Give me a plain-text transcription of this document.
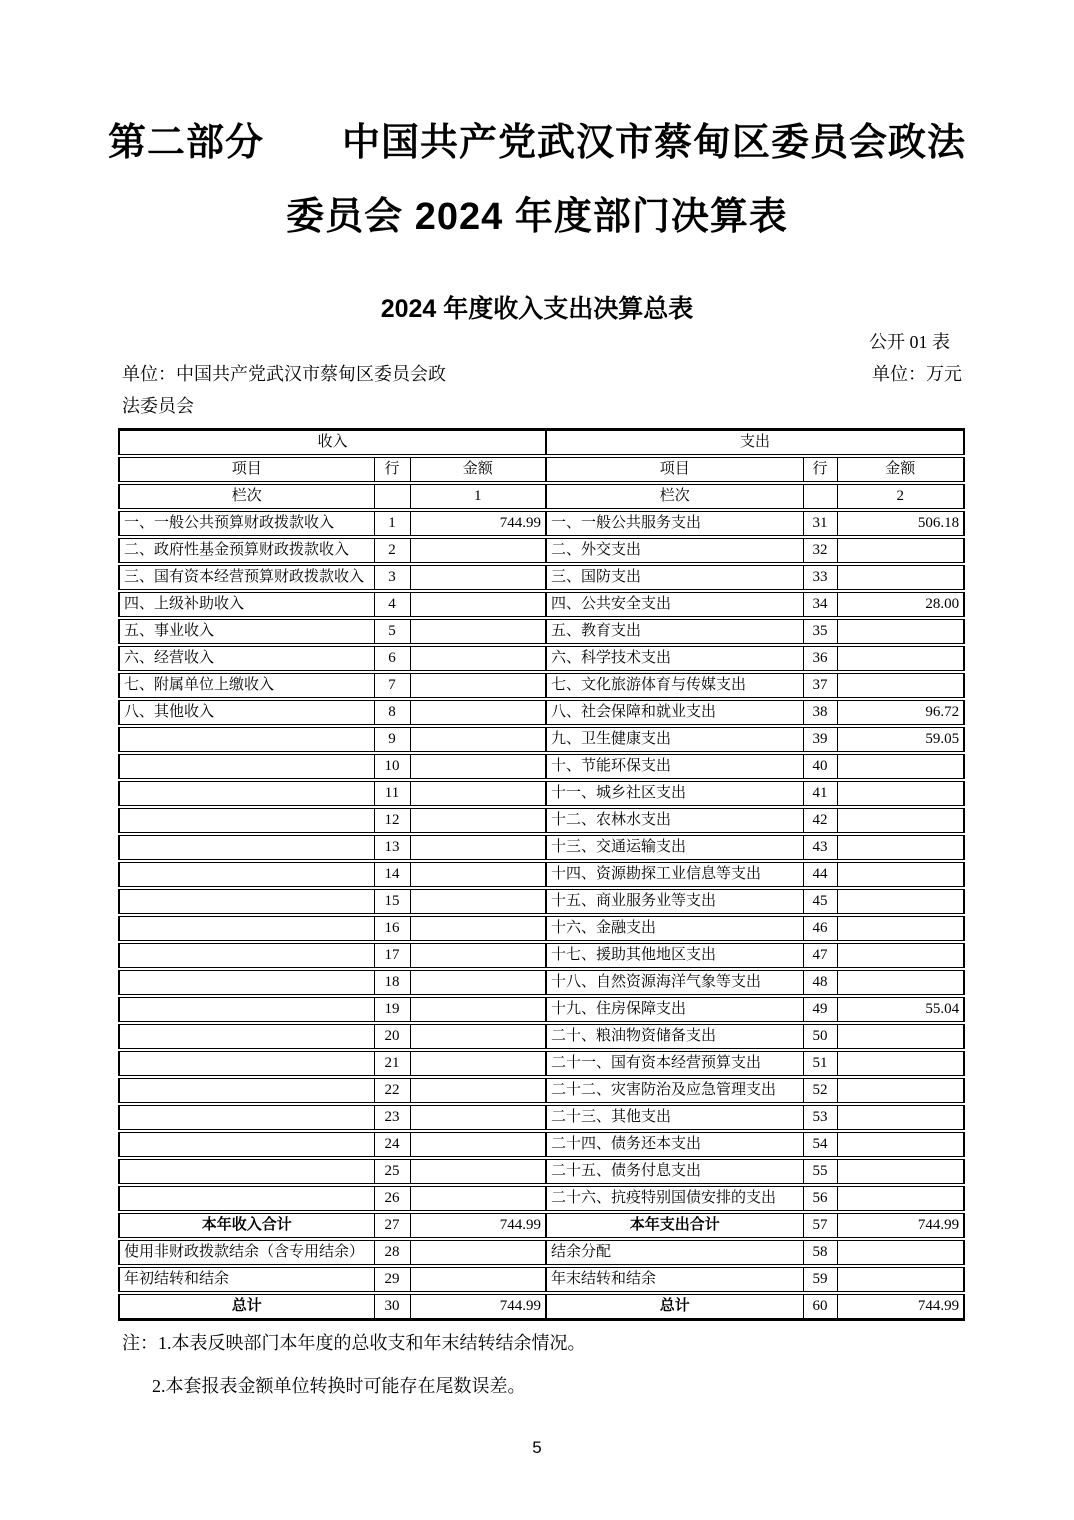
第二部分　　中国共产党武汉市蔡甸区委员会政法
委员会 2024 年度部门决算表
2024 年度收入支出决算总表
公开 01 表
单位：中国共产党武汉市蔡甸区委员会政
法委员会
单位：万元
收入			支出		
项目	行	金额	项目	行	金额
栏次		1	栏次		2
一、一般公共预算财政拨款收入	1	744.99	一、一般公共服务支出	31	506.18
二、政府性基金预算财政拨款收入	2		二、外交支出	32	
三、国有资本经营预算财政拨款收入	3		三、国防支出	33	
四、上级补助收入	4		四、公共安全支出	34	28.00
五、事业收入	5		五、教育支出	35	
六、经营收入	6		六、科学技术支出	36	
七、附属单位上缴收入	7		七、文化旅游体育与传媒支出	37	
八、其他收入	8		八、社会保障和就业支出	38	96.72
	9		九、卫生健康支出	39	59.05
	10		十、节能环保支出	40	
	11		十一、城乡社区支出	41	
	12		十二、农林水支出	42	
	13		十三、交通运输支出	43	
	14		十四、资源勘探工业信息等支出	44	
	15		十五、商业服务业等支出	45	
	16		十六、金融支出	46	
	17		十七、援助其他地区支出	47	
	18		十八、自然资源海洋气象等支出	48	
	19		十九、住房保障支出	49	55.04
	20		二十、粮油物资储备支出	50	
	21		二十一、国有资本经营预算支出	51	
	22		二十二、灾害防治及应急管理支出	52	
	23		二十三、其他支出	53	
	24		二十四、债务还本支出	54	
	25		二十五、债务付息支出	55	
	26		二十六、抗疫特别国债安排的支出	56	
本年收入合计	27	744.99	本年支出合计	57	744.99
使用非财政拨款结余（含专用结余）	28		结余分配	58	
年初结转和结余	29		年末结转和结余	59	
总计	30	744.99	总计	60	744.99
注：1.本表反映部门本年度的总收支和年末结转结余情况。
2.本套报表金额单位转换时可能存在尾数误差。
5
